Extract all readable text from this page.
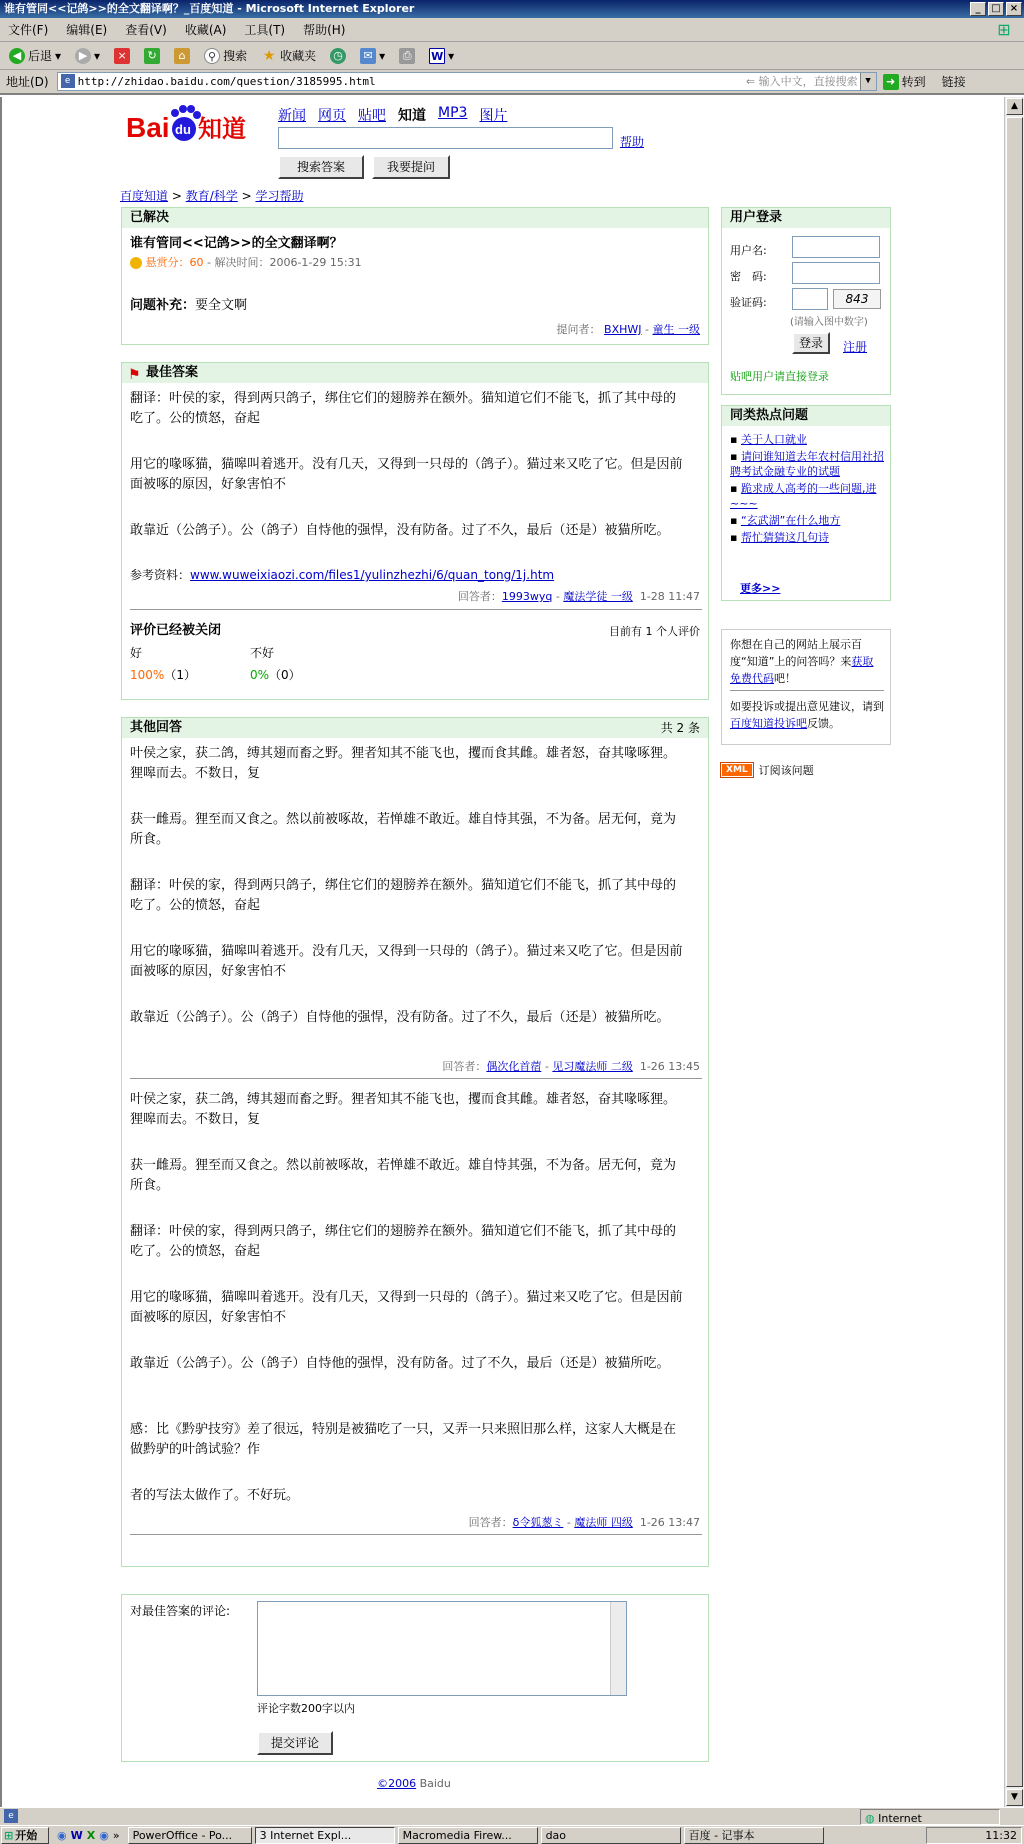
谁有管同<<记鸽>>的全文翻译啊？_百度知道 - Microsoft Internet Explorer	_	□ ×
文件(F) 编辑(E) 查看(V) 收藏(A) 工具(T) 帮助(H)	⊞
◀ 后退 ▾	▶ ▾	×	↻	⌂	⚲ 搜索 ★ 收藏夹 ◷	✉ ▾	⎙	W ▾
地址(D)	e http://zhidao.baidu.com/question/3185995.html	⇐ 输入中文，直接搜索 ▼	➜ 转到 链接
Bai du 知道 新闻 网页 贴吧 知道 MP3 图片
帮助
搜索答案	我要提问
百度知道 > 教育/科学 > 学习帮助
已解决
谁有管同<<记鸽>>的全文翻译啊？
悬赏分：60 - 解决时间：2006-1-29 15:31
问题补充：要全文啊
提问者： BXHWJ - 童生 一级
⚑ 最佳答案
翻译：叶侯的家，得到两只鸽子，绑住它们的翅膀养在额外。猫知道它们不能飞，抓了其中母的吃了。公的愤怒，奋起
用它的喙啄猫，猫嗥叫着逃开。没有几天，又得到一只母的（鸽子）。猫过来又吃了它。但是因前面被啄的原因，好象害怕不
敢靠近（公鸽子）。公（鸽子）自恃他的强悍，没有防备。过了不久，最后（还是）被猫所吃。
参考资料：www.wuweixiaozi.com/files1/yulinzhezhi/6/quan_tong/1j.htm
回答者：1993wyq - 魔法学徒 一级 1-28 11:47
评价已经被关闭	目前有 1 个人评价
好	不好
100%（1）	0%（0）
其他回答	共 2 条
叶侯之家，获二鸽，缚其翅而畜之野。狸者知其不能飞也，攫而食其雌。雄者怒，奋其喙啄狸。狸嗥而去。不数日，复
获一雌焉。狸至而又食之。然以前被啄故，若惮雄不敢近。雄自恃其强，不为备。居无何，竟为所食。
翻译：叶侯的家，得到两只鸽子，绑住它们的翅膀养在额外。猫知道它们不能飞，抓了其中母的吃了。公的愤怒，奋起
用它的喙啄猫，猫嗥叫着逃开。没有几天，又得到一只母的（鸽子）。猫过来又吃了它。但是因前面被啄的原因，好象害怕不
敢靠近（公鸽子）。公（鸽子）自恃他的强悍，没有防备。过了不久，最后（还是）被猫所吃。
回答者：偶次化首蓿 - 见习魔法师 二级 1-26 13:45
叶侯之家，获二鸽，缚其翅而畜之野。狸者知其不能飞也，攫而食其雌。雄者怒，奋其喙啄狸。狸嗥而去。不数日，复
获一雌焉。狸至而又食之。然以前被啄故，若惮雄不敢近。雄自恃其强，不为备。居无何，竟为所食。
翻译：叶侯的家，得到两只鸽子，绑住它们的翅膀养在额外。猫知道它们不能飞，抓了其中母的吃了。公的愤怒，奋起
用它的喙啄猫，猫嗥叫着逃开。没有几天，又得到一只母的（鸽子）。猫过来又吃了它。但是因前面被啄的原因，好象害怕不
敢靠近（公鸽子）。公（鸽子）自恃他的强悍，没有防备。过了不久，最后（还是）被猫所吃。
感：比《黔驴技穷》差了很远，特别是被猫吃了一只，又弄一只来照旧那么样，这家人大概是在做黔驴的叶鸽试验？作
者的写法太做作了。不好玩。
回答者：δ令狐葱ミ - 魔法师 四级 1-26 13:47
对最佳答案的评论:
评论字数200字以内
提交评论
©2006 Baidu
用户登录
用户名:
密　码:
验证码:	843
(请输入图中数字)
登录	注册
贴吧用户请直接登录
同类热点问题
▪ 关于人口就业
▪ 请问谁知道去年农村信用社招聘考试金融专业的试题
▪ 跪求成人高考的一些问题,进~~~
▪ “玄武湖”在什么地方
▪ 帮忙猜猜这几句诗
更多>>
你想在自己的网站上展示百度“知道”上的问答吗？来获取免费代码吧！
如要投诉或提出意见建议，请到百度知道投诉吧反馈。
XML	订阅该问题
▲
▼
e	◍ Internet
⊞ 开始 ◉ W X ◉ »	PowerOffice - Po...	3 Internet Expl...	Macromedia Firew...	dao	百度 - 记事本	11:32
